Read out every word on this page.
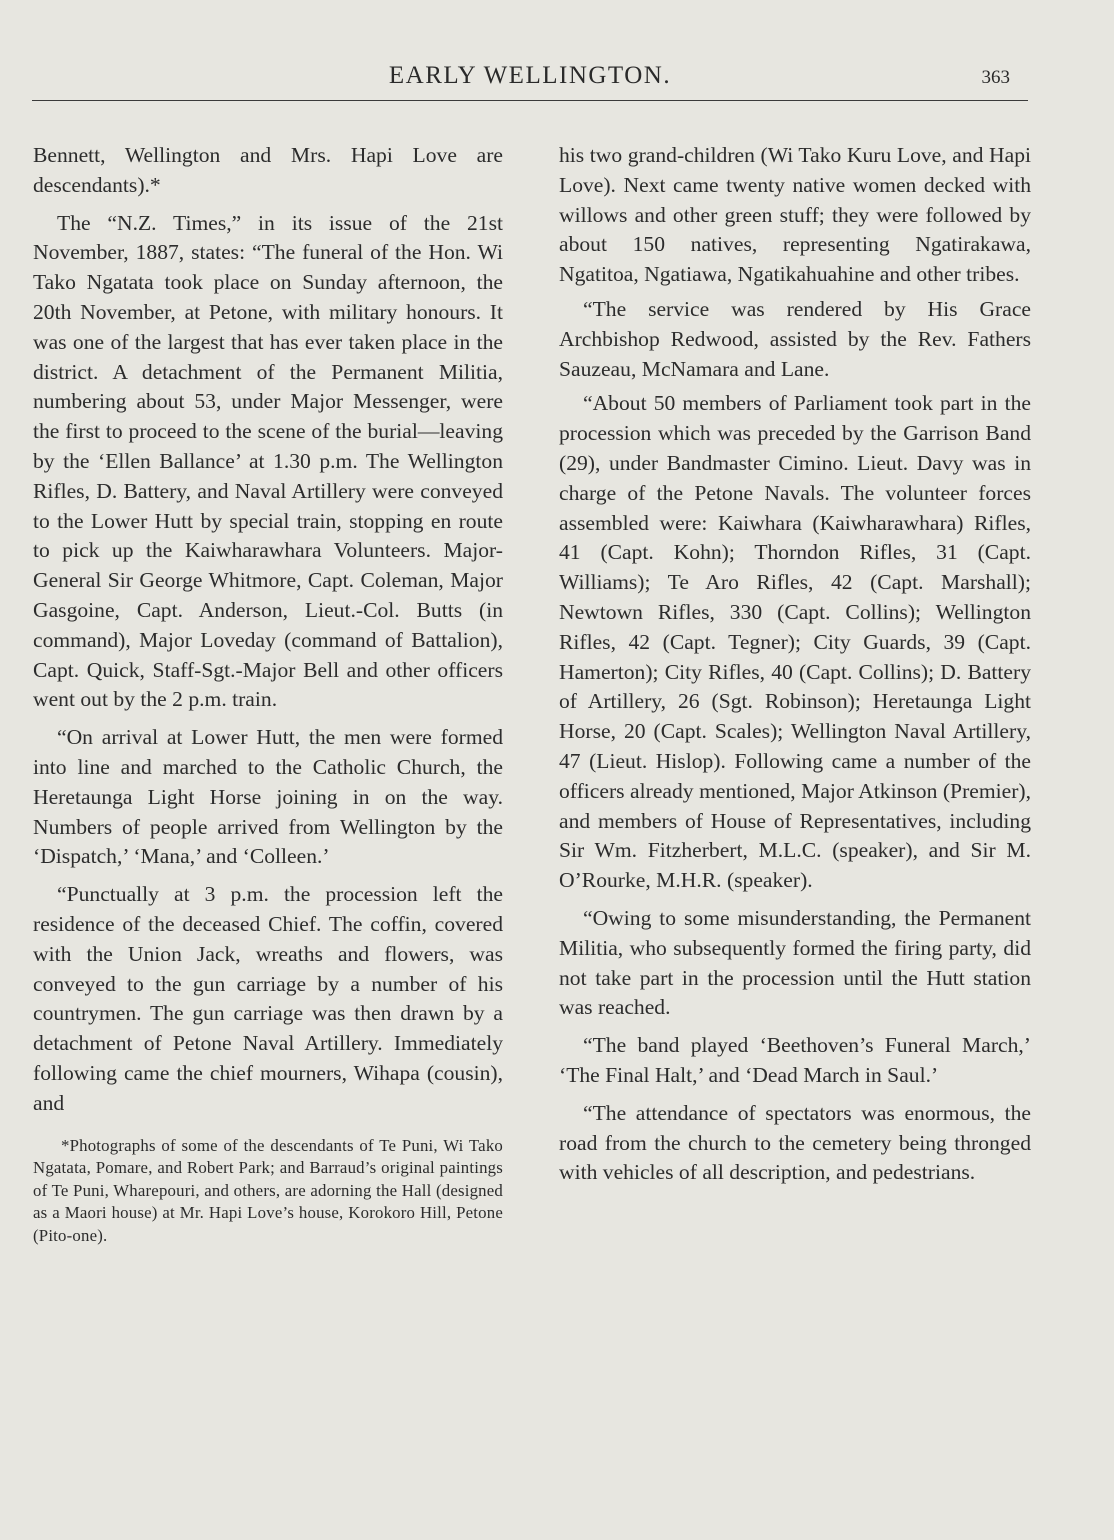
EARLY WELLINGTON.	363

Bennett, Wellington and Mrs. Hapi Love are descendants).*

The “N.Z. Times,” in its issue of the 21st November, 1887, states: “The funeral of the Hon. Wi Tako Ngatata took place on Sunday afternoon, the 20th November, at Petone, with military honours. It was one of the largest that has ever taken place in the district. A detachment of the Permanent Militia, numbering about 53, under Major Messenger, were the first to proceed to the scene of the burial—leaving by the ‘Ellen Ballance’ at 1.30 p.m. The Wellington Rifles, D. Battery, and Naval Artillery were conveyed to the Lower Hutt by special train, stopping en route to pick up the Kaiwharawhara Volunteers. Major-General Sir George Whitmore, Capt. Coleman, Major Gasgoine, Capt. Anderson, Lieut.-Col. Butts (in command), Major Loveday (command of Battalion), Capt. Quick, Staff-Sgt.-Major Bell and other officers went out by the 2 p.m. train.

“On arrival at Lower Hutt, the men were formed into line and marched to the Catholic Church, the Heretaunga Light Horse joining in on the way. Numbers of people arrived from Wellington by the ‘Dispatch,’ ‘Mana,’ and ‘Colleen.’

“Punctually at 3 p.m. the procession left the residence of the deceased Chief. The coffin, covered with the Union Jack, wreaths and flowers, was conveyed to the gun carriage by a number of his countrymen. The gun carriage was then drawn by a detachment of Petone Naval Artillery. Immediately following came the chief mourners, Wihapa (cousin), and

*Photographs of some of the descendants of Te Puni, Wi Tako Ngatata, Pomare, and Robert Park; and Barraud’s original paintings of Te Puni, Wharepouri, and others, are adorning the Hall (designed as a Maori house) at Mr. Hapi Love’s house, Korokoro Hill, Petone (Pito-one).

his two grand-children (Wi Tako Kuru Love, and Hapi Love). Next came twenty native women decked with willows and other green stuff; they were followed by about 150 natives, representing Ngatirakawa, Ngatitoa, Ngatiawa, Ngatikahuahine and other tribes.

“The service was rendered by His Grace Archbishop Redwood, assisted by the Rev. Fathers Sauzeau, McNamara and Lane.

“About 50 members of Parliament took part in the procession which was preceded by the Garrison Band (29), under Bandmaster Cimino. Lieut. Davy was in charge of the Petone Navals. The volunteer forces assembled were: Kaiwhara (Kaiwharawhara) Rifles, 41 (Capt. Kohn); Thorndon Rifles, 31 (Capt. Williams); Te Aro Rifles, 42 (Capt. Marshall); Newtown Rifles, 330 (Capt. Collins); Wellington Rifles, 42 (Capt. Tegner); City Guards, 39 (Capt. Hamerton); City Rifles, 40 (Capt. Collins); D. Battery of Artillery, 26 (Sgt. Robinson); Heretaunga Light Horse, 20 (Capt. Scales); Wellington Naval Artillery, 47 (Lieut. Hislop). Following came a number of the officers already mentioned, Major Atkinson (Premier), and members of House of Representatives, including Sir Wm. Fitzherbert, M.L.C. (speaker), and Sir M. O’Rourke, M.H.R. (speaker).

“Owing to some misunderstanding, the Permanent Militia, who subsequently formed the firing party, did not take part in the procession until the Hutt station was reached.

“The band played ‘Beethoven’s Funeral March,’ ‘The Final Halt,’ and ‘Dead March in Saul.’

“The attendance of spectators was enormous, the road from the church to the cemetery being thronged with vehicles of all description, and pedestrians.
